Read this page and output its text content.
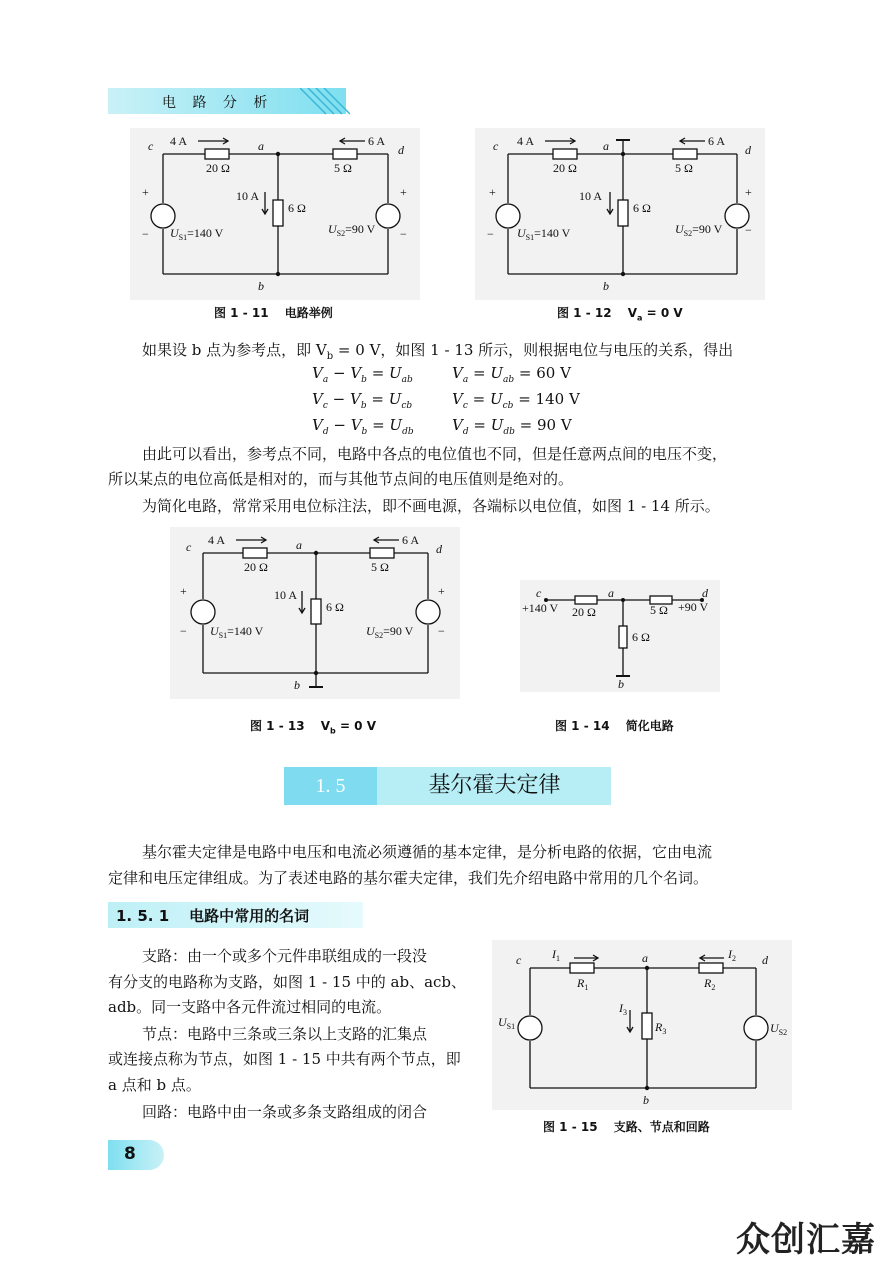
电 路 分 析
c	a	d
b
4 A	6 A
10 A
20 Ω	5 Ω
6 Ω
+
−
+
−
$U_{S1}=140$ V	$U_{S2}=90$ V
图 1 - 11　 电路举例
c	a	d
b
4 A	6 A
10 A
20 Ω	5 Ω
6 Ω
+
−
+
−
$U_{S1}=140$ V	$U_{S2}=90$ V
图 1 - 12　 $V_a = 0$ V
如果设 b 点为参考点，即 $V_b = 0$ V，如图 1 - 13 所示，则根据电位与电压的关系，得出
$V_a - V_b = U_{ab}$	$V_a = U_{ab} = 60$ V
$V_c - V_b = U_{cb}$	$V_c = U_{cb} = 140$ V
$V_d - V_b = U_{db}$	$V_d = U_{db} = 90$ V
由此可以看出，参考点不同，电路中各点的电位值也不同，但是任意两点间的电压不变，
所以某点的电位高低是相对的，而与其他节点间的电压值则是绝对的。
为简化电路，常常采用电位标注法，即不画电源，各端标以电位值，如图 1 - 14 所示。
c	a	d
b
4 A	6 A
10 A
20 Ω	5 Ω
6 Ω
+
−
+
−
$U_{S1}=140$ V	$U_{S2}=90$ V
图 1 - 13　 $V_b = 0$ V
c	a	d
b
+140 V	+90 V
20 Ω	5 Ω
6 Ω
图 1 - 14　 简化电路
1. 5	基尔霍夫定律
基尔霍夫定律是电路中电压和电流必须遵循的基本定律，是分析电路的依据，它由电流
定律和电压定律组成。为了表述电路的基尔霍夫定律，我们先介绍电路中常用的几个名词。
1. 5. 1 电路中常用的名词
支路：由一个或多个元件串联组成的一段没
有分支的电路称为支路，如图 1 - 15 中的 ab、acb、
adb。同一支路中各元件流过相同的电流。
节点：电路中三条或三条以上支路的汇集点
或连接点称为节点，如图 1 - 15 中共有两个节点，即
a 点和 b 点。
回路：电路中由一条或多条支路组成的闭合
c	a	d
b
$I_1$	$I_2$
$I_3$
$R_1$	$R_2$
$R_3$
$U_{S1}$	$U_{S2}$
图 1 - 15　 支路、节点和回路
8
众创汇嘉
